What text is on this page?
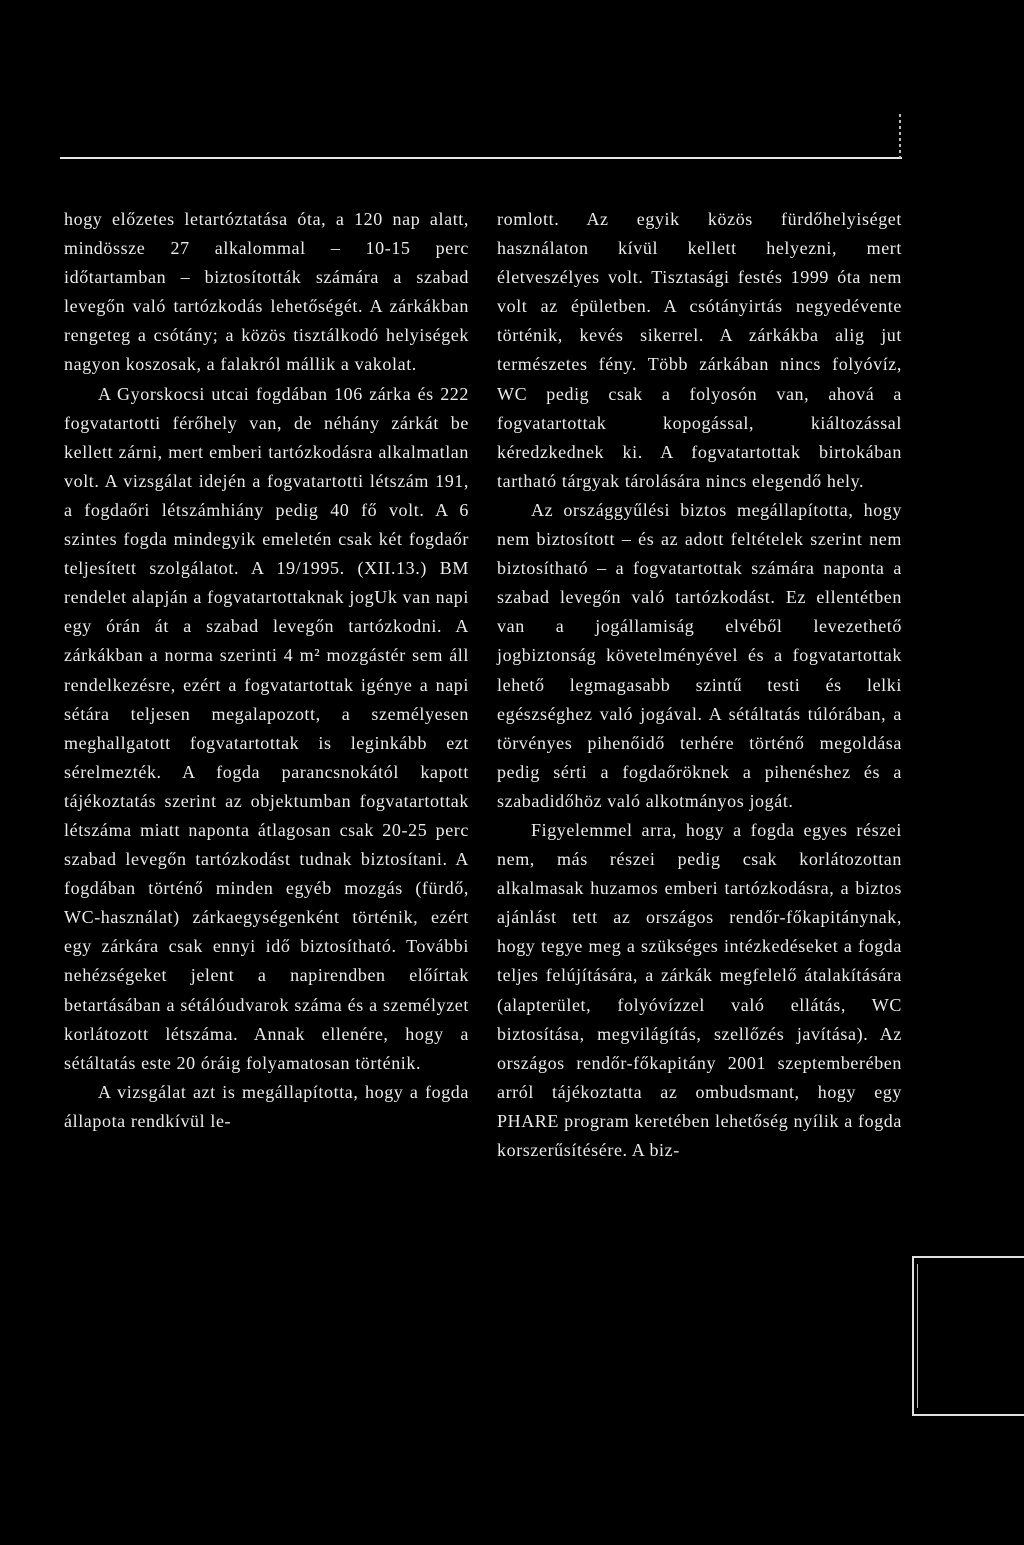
hogy előzetes letartóztatása óta, a 120 nap alatt, mindössze 27 alkalommal – 10-15 perc időtartamban – biztosították számára a szabad levegőn való tartózkodás lehetőségét. A zárkákban rengeteg a csótány; a közös tisztálkodó helyiségek nagyon koszosak, a falakról mállik a vakolat.

A Gyorskocsi utcai fogdában 106 zárka és 222 fogvatartotti férőhely van, de néhány zárkát be kellett zárni, mert emberi tartózkodásra alkalmatlan volt. A vizsgálat idején a fogvatartotti létszám 191, a fogdaőri létszámhiány pedig 40 fő volt. A 6 szintes fogda mindegyik emeletén csak két fogdaőr teljesített szolgálatot. A 19/1995. (XII.13.) BM rendelet alapján a fogvatartottaknak jogUk van napi egy órán át a szabad levegőn tartózkodni. A zárkákban a norma szerinti 4 m² mozgástér sem áll rendelkezésre, ezért a fogvatartottak igénye a napi sétára teljesen megalapozott, a személyesen meghallgatott fogvatartottak is leginkább ezt sérelmezték. A fogda parancsnokától kapott tájékoztatás szerint az objektumban fogvatartottak létszáma miatt naponta átlagosan csak 20-25 perc szabad levegőn tartózkodást tudnak biztosítani. A fogdában történő minden egyéb mozgás (fürdő, WC-használat) zárkaegységenként történik, ezért egy zárkára csak ennyi idő biztosítható. További nehézségeket jelent a napirendben előírtak betartásában a sétálóudvarok száma és a személyzet korlátozott létszáma. Annak ellenére, hogy a sétáltatás este 20 óráig folyamatosan történik.

A vizsgálat azt is megállapította, hogy a fogda állapota rendkívül le-

romlott. Az egyik közös fürdőhelyiséget használaton kívül kellett helyezni, mert életveszélyes volt. Tisztasági festés 1999 óta nem volt az épületben. A csótányirtás negyedévente történik, kevés sikerrel. A zárkákba alig jut természetes fény. Több zárkában nincs folyóvíz, WC pedig csak a folyosón van, ahová a fogvatartottak kopogással, kiáltozással kéredzkednek ki. A fogvatartottak birtokában tartható tárgyak tárolására nincs elegendő hely.

Az országgyűlési biztos megállapította, hogy nem biztosított – és az adott feltételek szerint nem biztosítható – a fogvatartottak számára naponta a szabad levegőn való tartózkodást. Ez ellentétben van a jogállamiság elvéből levezethető jogbiztonság követelményével és a fogvatartottak lehető legmagasabb szintű testi és lelki egészséghez való jogával. A sétáltatás túlórában, a törvényes pihenőidő terhére történő megoldása pedig sérti a fogdaőröknek a pihenéshez és a szabadidőhöz való alkotmányos jogát.

Figyelemmel arra, hogy a fogda egyes részei nem, más részei pedig csak korlátozottan alkalmasak huzamos emberi tartózkodásra, a biztos ajánlást tett az országos rendőr-főkapitánynak, hogy tegye meg a szükséges intézkedéseket a fogda teljes felújítására, a zárkák megfelelő átalakítására (alapterület, folyóvízzel való ellátás, WC biztosítása, megvilágítás, szellőzés javítása). Az országos rendőr-főkapitány 2001 szeptemberében arról tájékoztatta az ombudsmant, hogy egy PHARE program keretében lehetőség nyílik a fogda korszerűsítésére. A biz-
